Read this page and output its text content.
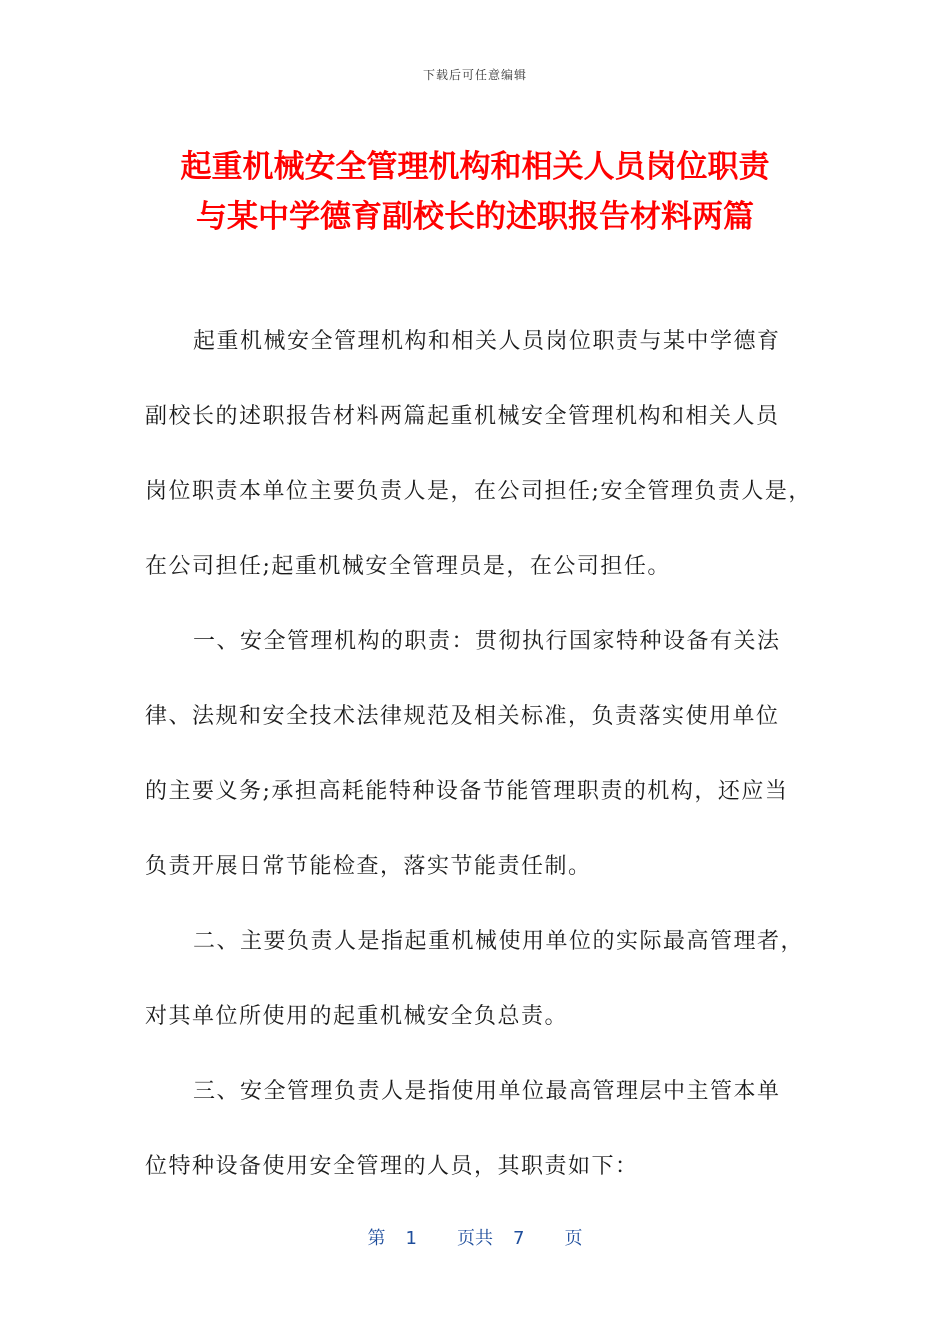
下载后可任意编辑
起重机械安全管理机构和相关人员岗位职责
与某中学德育副校长的述职报告材料两篇
起重机械安全管理机构和相关人员岗位职责与某中学德育
副校长的述职报告材料两篇起重机械安全管理机构和相关人员
岗位职责本单位主要负责人是，在公司担任;安全管理负责人是，
在公司担任;起重机械安全管理员是，在公司担任。
一、安全管理机构的职责：贯彻执行国家特种设备有关法
律、法规和安全技术法律规范及相关标准，负责落实使用单位
的主要义务;承担高耗能特种设备节能管理职责的机构，还应当
负责开展日常节能检查，落实节能责任制。
二、主要负责人是指起重机械使用单位的实际最高管理者，
对其单位所使用的起重机械安全负总责。
三、安全管理负责人是指使用单位最高管理层中主管本单
位特种设备使用安全管理的人员，其职责如下：
第 1 页共 7 页
